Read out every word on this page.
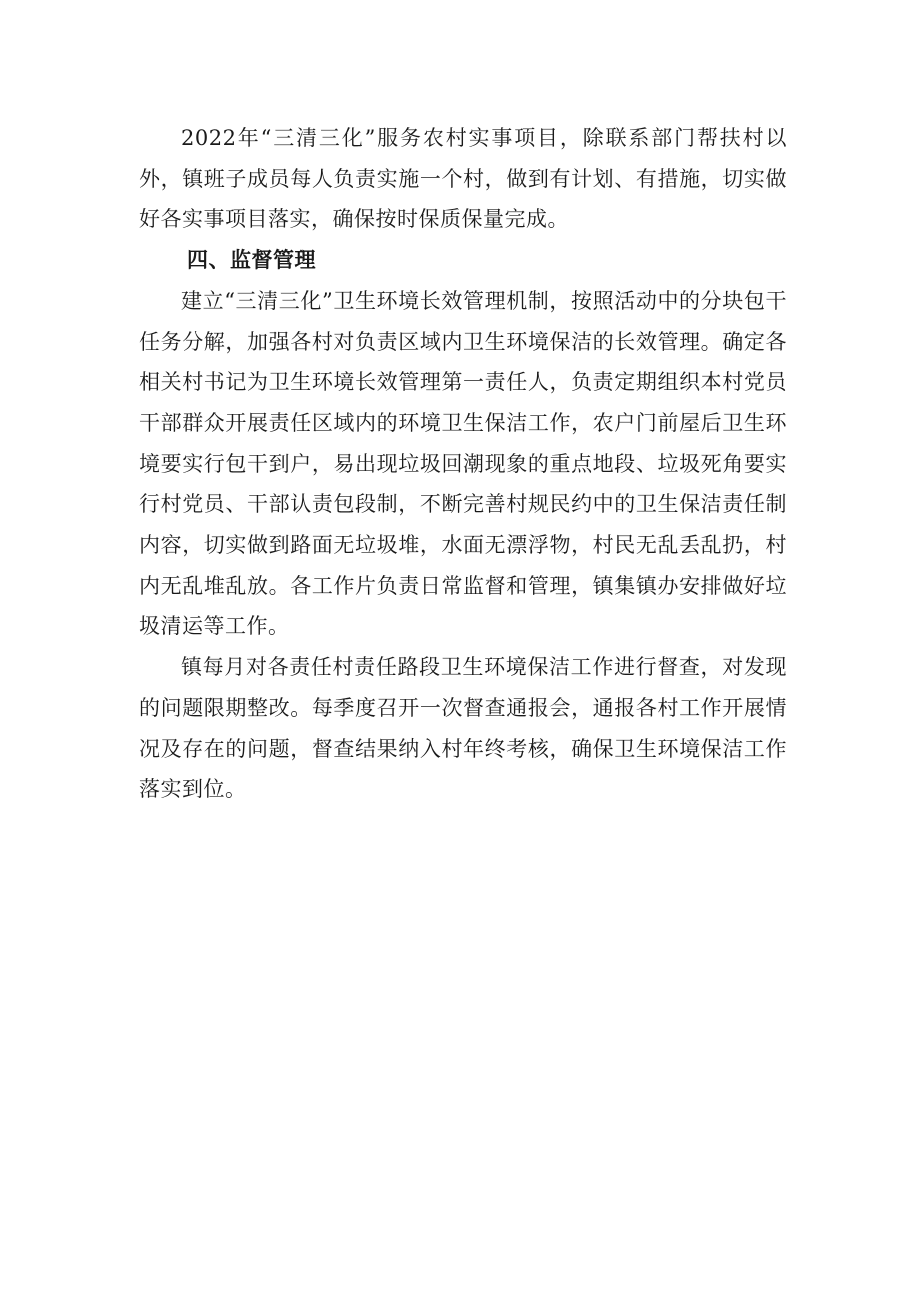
2022年“三清三化”服务农村实事项目，除联系部门帮扶村以外，镇班子成员每人负责实施一个村，做到有计划、有措施，切实做好各实事项目落实，确保按时保质保量完成。

四、监督管理

建立“三清三化”卫生环境长效管理机制，按照活动中的分块包干任务分解，加强各村对负责区域内卫生环境保洁的长效管理。确定各相关村书记为卫生环境长效管理第一责任人，负责定期组织本村党员干部群众开展责任区域内的环境卫生保洁工作，农户门前屋后卫生环境要实行包干到户，易出现垃圾回潮现象的重点地段、垃圾死角要实行村党员、干部认责包段制，不断完善村规民约中的卫生保洁责任制内容，切实做到路面无垃圾堆，水面无漂浮物，村民无乱丢乱扔，村内无乱堆乱放。各工作片负责日常监督和管理，镇集镇办安排做好垃圾清运等工作。

镇每月对各责任村责任路段卫生环境保洁工作进行督查，对发现的问题限期整改。每季度召开一次督查通报会，通报各村工作开展情况及存在的问题，督查结果纳入村年终考核，确保卫生环境保洁工作落实到位。
